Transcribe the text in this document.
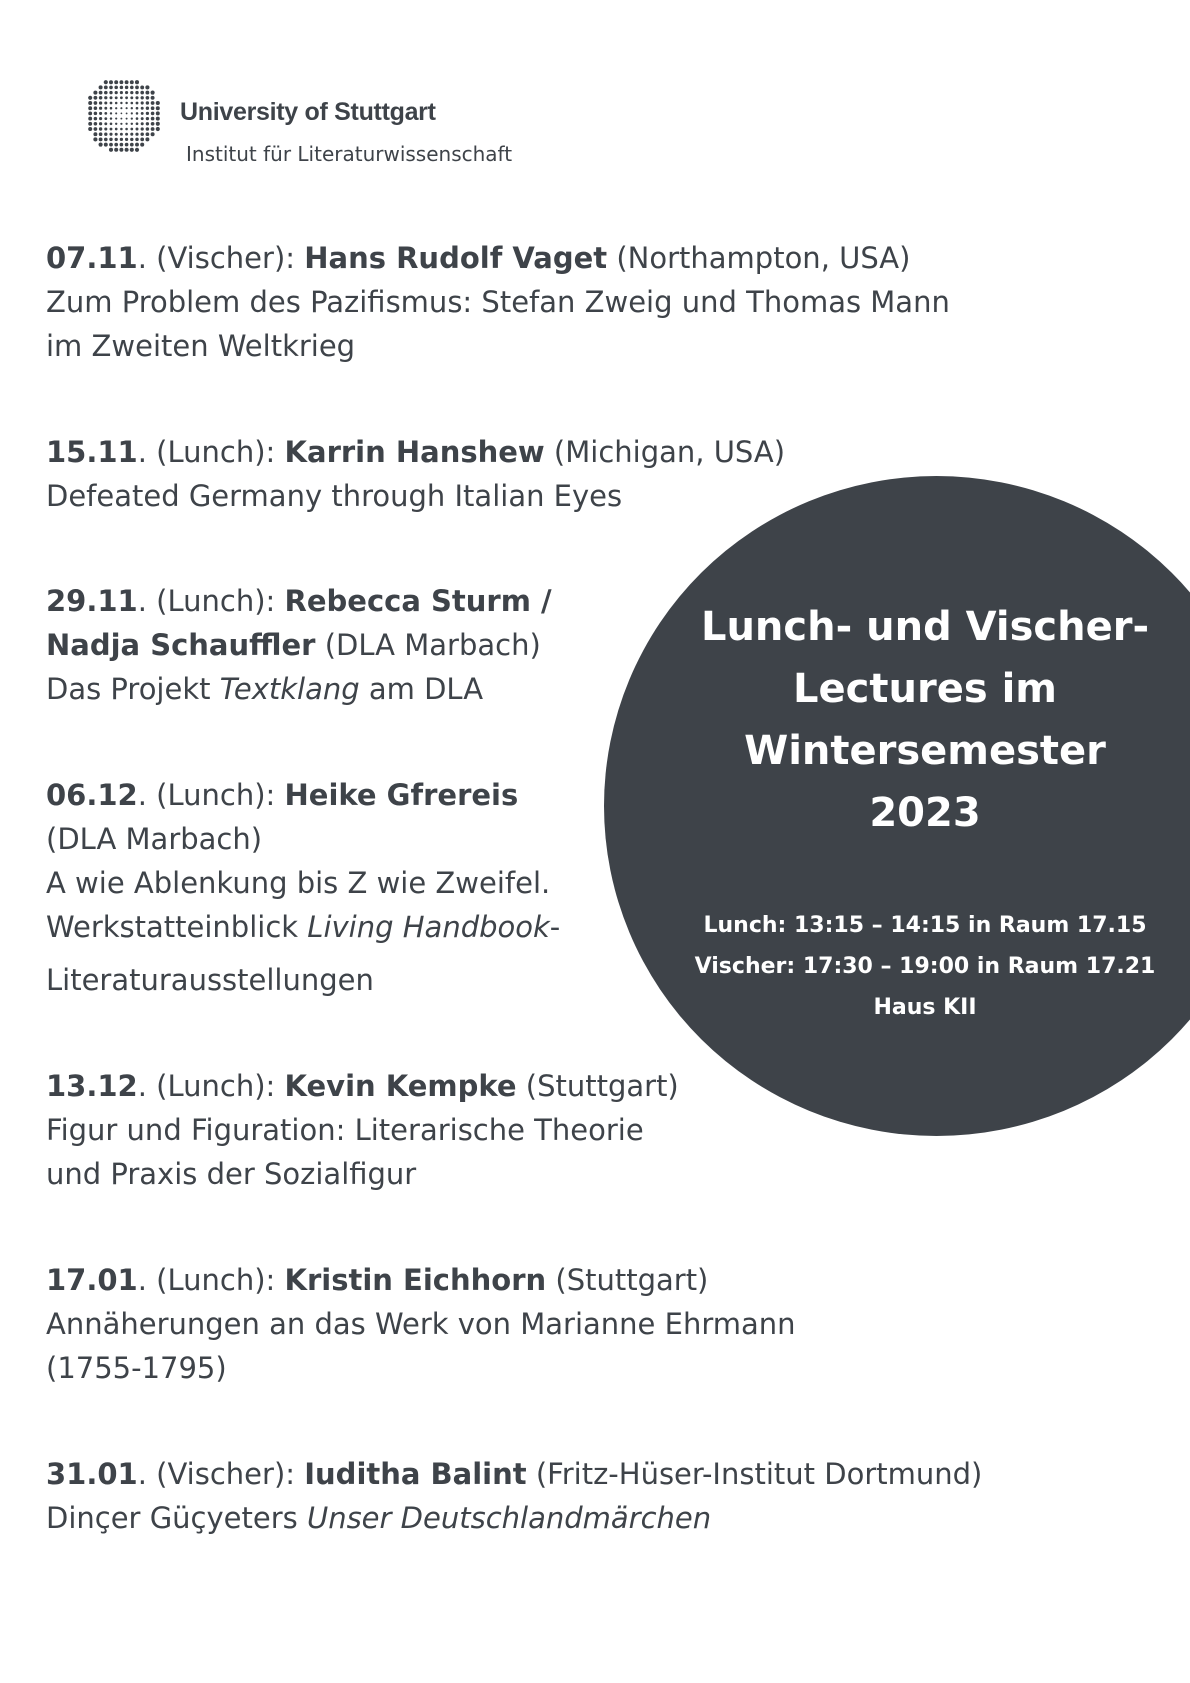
University of Stuttgart
Institut für Literaturwissenschaft
07.11. (Vischer): Hans Rudolf Vaget (Northampton, USA)
Zum Problem des Pazifismus: Stefan Zweig und Thomas Mann
im Zweiten Weltkrieg
15.11. (Lunch): Karrin Hanshew (Michigan, USA)
Defeated Germany through Italian Eyes
29.11. (Lunch): Rebecca Sturm /
Nadja Schauffler (DLA Marbach)
Das Projekt Textklang am DLA
06.12. (Lunch): Heike Gfrereis
(DLA Marbach)
A wie Ablenkung bis Z wie Zweifel.
Werkstatteinblick Living Handbook-
Literaturausstellungen
13.12. (Lunch): Kevin Kempke (Stuttgart)
Figur und Figuration: Literarische Theorie
und Praxis der Sozialfigur
17.01. (Lunch): Kristin Eichhorn (Stuttgart)
Annäherungen an das Werk von Marianne Ehrmann
(1755-1795)
31.01. (Vischer): Iuditha Balint (Fritz-Hüser-Institut Dortmund)
Dinçer Güçyeters Unser Deutschlandmärchen
Lunch- und Vischer-
Lectures im
Wintersemester
2023
Lunch: 13:15 – 14:15 in Raum 17.15
Vischer: 17:30 – 19:00 in Raum 17.21
Haus KII
